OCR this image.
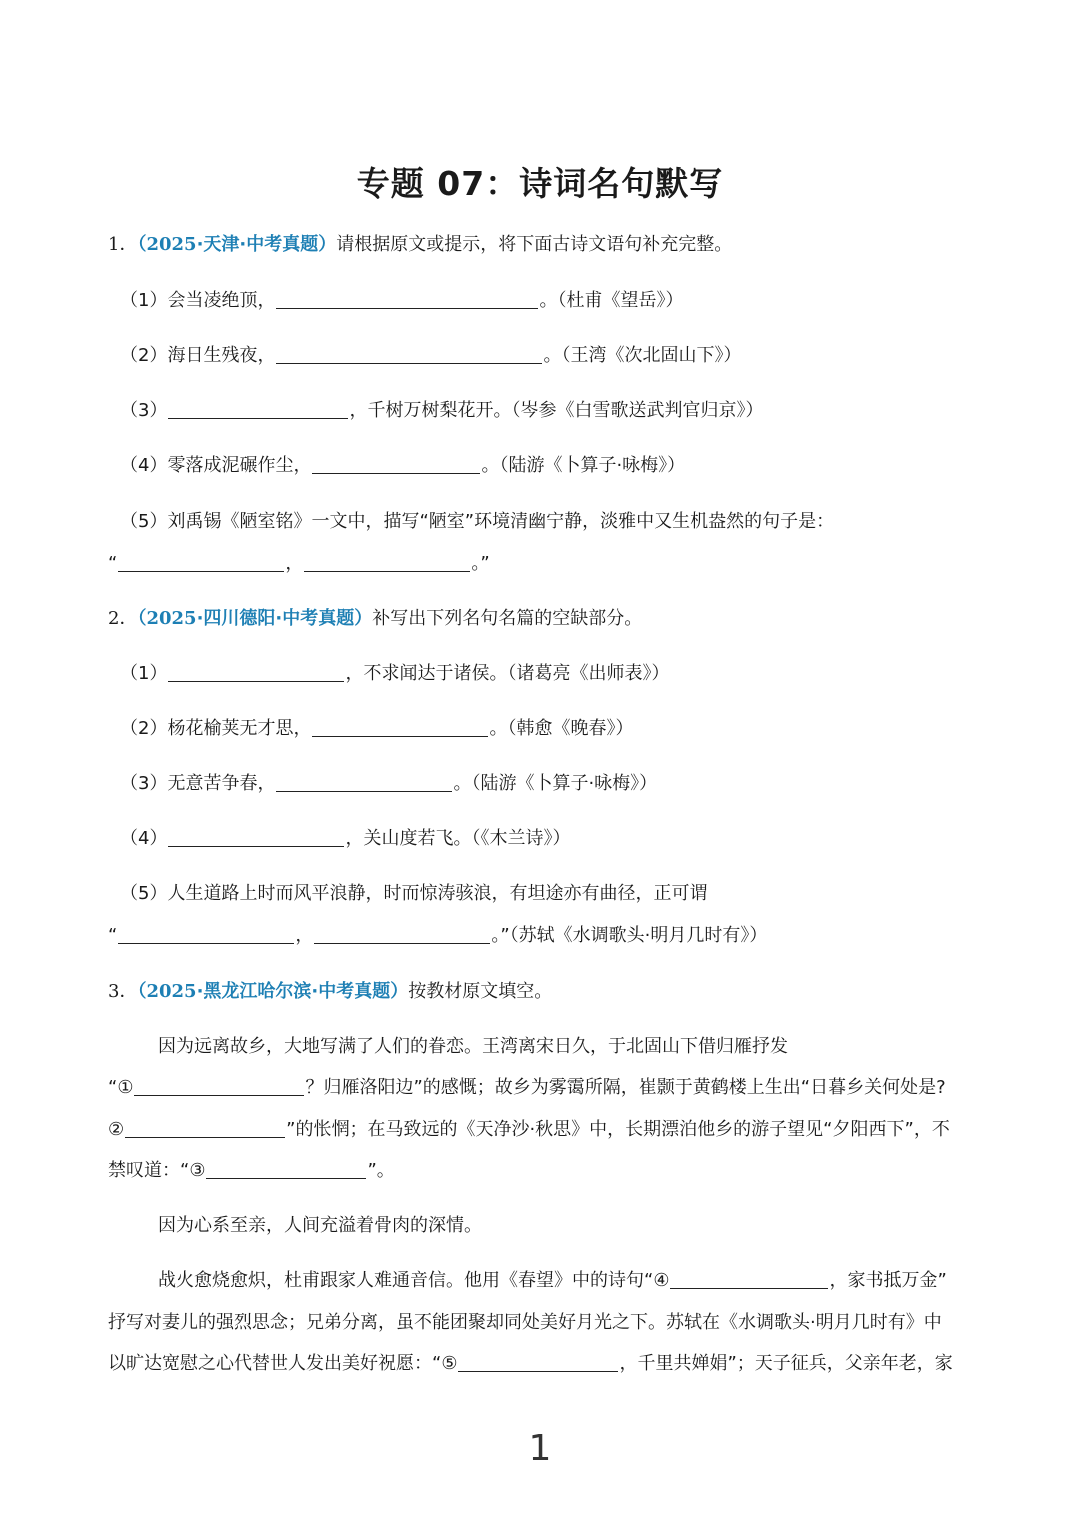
专题 07：诗词名句默写
1．（2025·天津·中考真题）请根据原文或提示，将下面古诗文语句补充完整。
（1）会当凌绝顶，	。（杜甫《望岳》）
（2）海日生残夜，	。（王湾《次北固山下》）
（3）	，千树万树梨花开。（岑参《白雪歌送武判官归京》）
（4）零落成泥碾作尘，	。（陆游《卜算子·咏梅》）
（5）刘禹锡《陋室铭》一文中，描写“陋室”环境清幽宁静，淡雅中又生机盎然的句子是：
“	，	。”
2．（2025·四川德阳·中考真题）补写出下列名句名篇的空缺部分。
（1）	，不求闻达于诸侯。（诸葛亮《出师表》）
（2）杨花榆荚无才思，	。（韩愈《晚春》）
（3）无意苦争春，	。（陆游《卜算子·咏梅》）
（4）	，关山度若飞。（《木兰诗》）
（5）人生道路上时而风平浪静，时而惊涛骇浪，有坦途亦有曲径，正可谓
“	，	。”（苏轼《水调歌头·明月几时有》）
3．（2025·黑龙江哈尔滨·中考真题）按教材原文填空。
因为远离故乡，大地写满了人们的眷恋。王湾离宋日久，于北固山下借归雁抒发
“①	？归雁洛阳边”的感慨；故乡为雾霭所隔，崔颢于黄鹤楼上生出“日暮乡关何处是?
②	”的怅惘；在马致远的《天净沙·秋思》中，长期漂泊他乡的游子望见“夕阳西下”，不
禁叹道：“③	”。
因为心系至亲，人间充溢着骨肉的深情。
战火愈烧愈炽，杜甫跟家人难通音信。他用《春望》中的诗句“④	，家书抵万金”
抒写对妻儿的强烈思念；兄弟分离，虽不能团聚却同处美好月光之下。苏轼在《水调歌头·明月几时有》中
以旷达宽慰之心代替世人发出美好祝愿：“⑤	，千里共婵娟”；天子征兵，父亲年老，家
1
